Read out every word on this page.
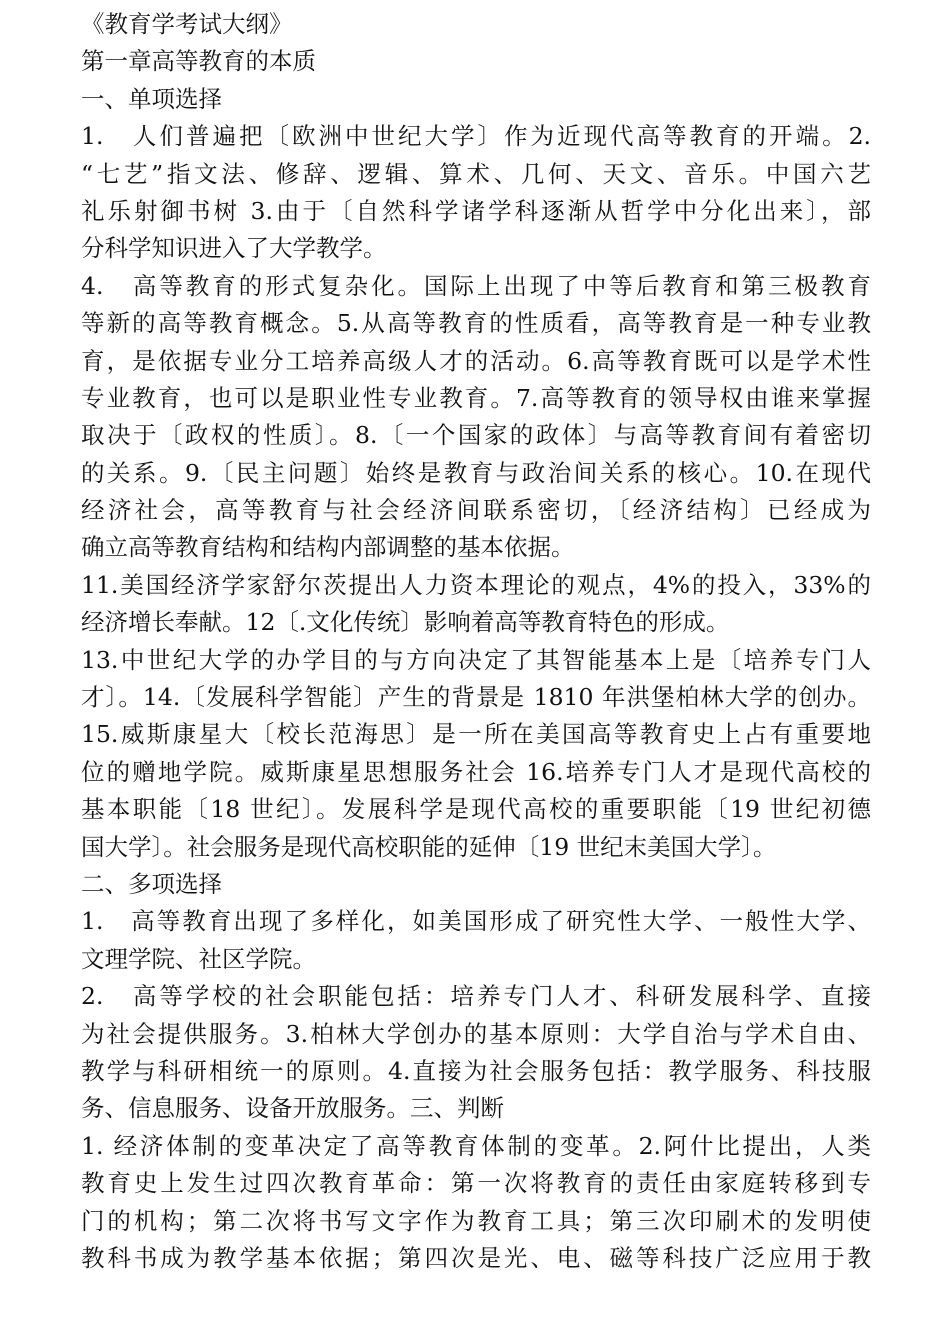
《教育学考试大纲》
第一章高等教育的本质
一、单项选择
1.　人们普遍把〔欧洲中世纪大学〕作为近现代高等教育的开端。2.
“七艺”指文法、修辞、逻辑、算术、几何、天文、音乐。中国六艺
礼乐射御书树 3.由于〔自然科学诸学科逐渐从哲学中分化出来〕，部
分科学知识进入了大学教学。
4.　高等教育的形式复杂化。国际上出现了中等后教育和第三极教育
等新的高等教育概念。5.从高等教育的性质看，高等教育是一种专业教
育，是依据专业分工培养高级人才的活动。6.高等教育既可以是学术性
专业教育，也可以是职业性专业教育。7.高等教育的领导权由谁来掌握
取决于〔政权的性质〕。8.〔一个国家的政体〕与高等教育间有着密切
的关系。9.〔民主问题〕始终是教育与政治间关系的核心。10.在现代
经济社会，高等教育与社会经济间联系密切，〔经济结构〕已经成为
确立高等教育结构和结构内部调整的基本依据。
11.美国经济学家舒尔茨提出人力资本理论的观点，4%的投入，33%的
经济增长奉献。12〔.文化传统〕影响着高等教育特色的形成。
13.中世纪大学的办学目的与方向决定了其智能基本上是〔培养专门人
才〕。14.〔发展科学智能〕产生的背景是 1810 年洪堡柏林大学的创办。
15.威斯康星大〔校长范海思〕是一所在美国高等教育史上占有重要地
位的赠地学院。威斯康星思想服务社会 16.培养专门人才是现代高校的
基本职能〔18 世纪〕。发展科学是现代高校的重要职能〔19 世纪初德
国大学〕。社会服务是现代高校职能的延伸〔19 世纪末美国大学〕。
二、多项选择
1.　高等教育出现了多样化，如美国形成了研究性大学、一般性大学、
文理学院、社区学院。
2.　高等学校的社会职能包括：培养专门人才、科研发展科学、直接
为社会提供服务。3.柏林大学创办的基本原则：大学自治与学术自由、
教学与科研相统一的原则。4.直接为社会服务包括：教学服务、科技服
务、信息服务、设备开放服务。三、判断
1. 经济体制的变革决定了高等教育体制的变革。2.阿什比提出，人类
教育史上发生过四次教育革命：第一次将教育的责任由家庭转移到专
门的机构；第二次将书写文字作为教育工具；第三次印刷术的发明使
教科书成为教学基本依据；第四次是光、电、磁等科技广泛应用于教
